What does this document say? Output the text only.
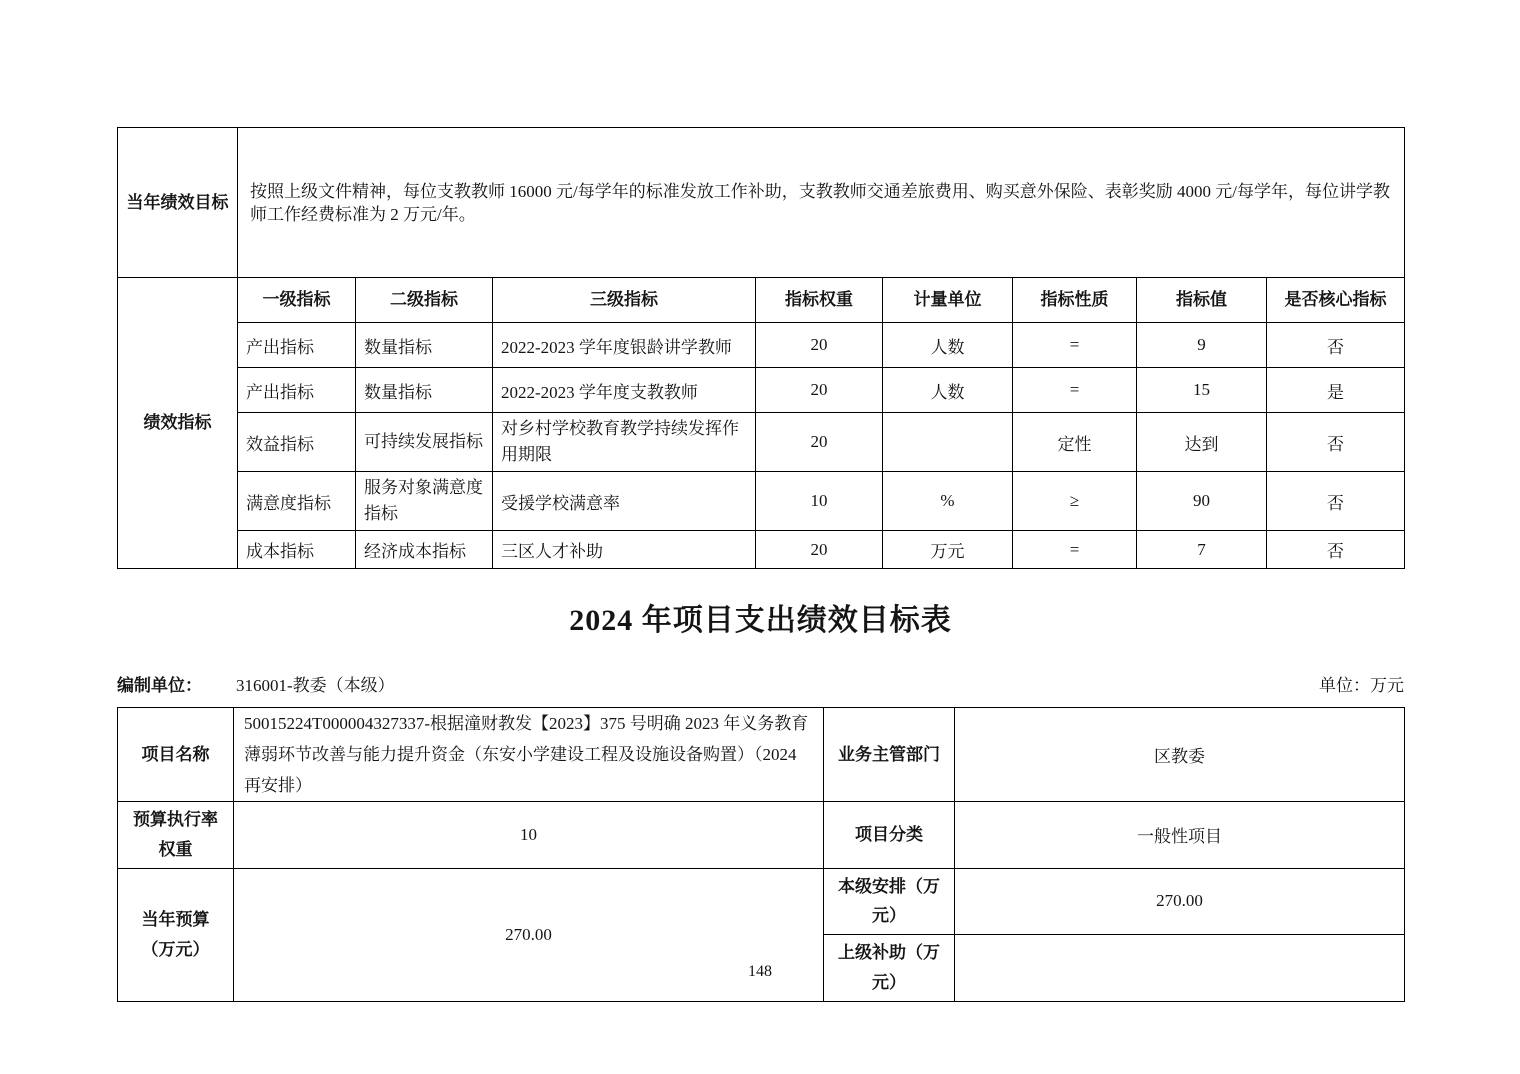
当年绩效目标	按照上级文件精神，每位支教教师 16000 元/每学年的标准发放工作补助，支教教师交通差旅费用、购买意外保险、表彰奖励 4000 元/每学年，每位讲学教师工作经费标准为 2 万元/年。							
绩效指标	一级指标	二级指标	三级指标	指标权重	计量单位	指标性质	指标值	是否核心指标
	产出指标	数量指标	2022-2023 学年度银龄讲学教师	20	人数	=	9	否
	产出指标	数量指标	2022-2023 学年度支教教师	20	人数	=	15	是
	效益指标	可持续发展指标	对乡村学校教育教学持续发挥作用期限	20		定性	达到	否
	满意度指标	服务对象满意度指标	受援学校满意率	10	%	≥	90	否
	成本指标	经济成本指标	三区人才补助	20	万元	=	7	否
2024 年项目支出绩效目标表
编制单位： 316001-教委（本级）	单位：万元
项目名称	50015224T000004327337-根据潼财教发【2023】375 号明确 2023 年义务教育薄弱环节改善与能力提升资金（东安小学建设工程及设施设备购置）（2024 再安排）	业务主管部门	区教委
预算执行率权重	10	项目分类	一般性项目
当年预算（万元）	270.00	本级安排（万元）	270.00
		上级补助（万元）	
148
